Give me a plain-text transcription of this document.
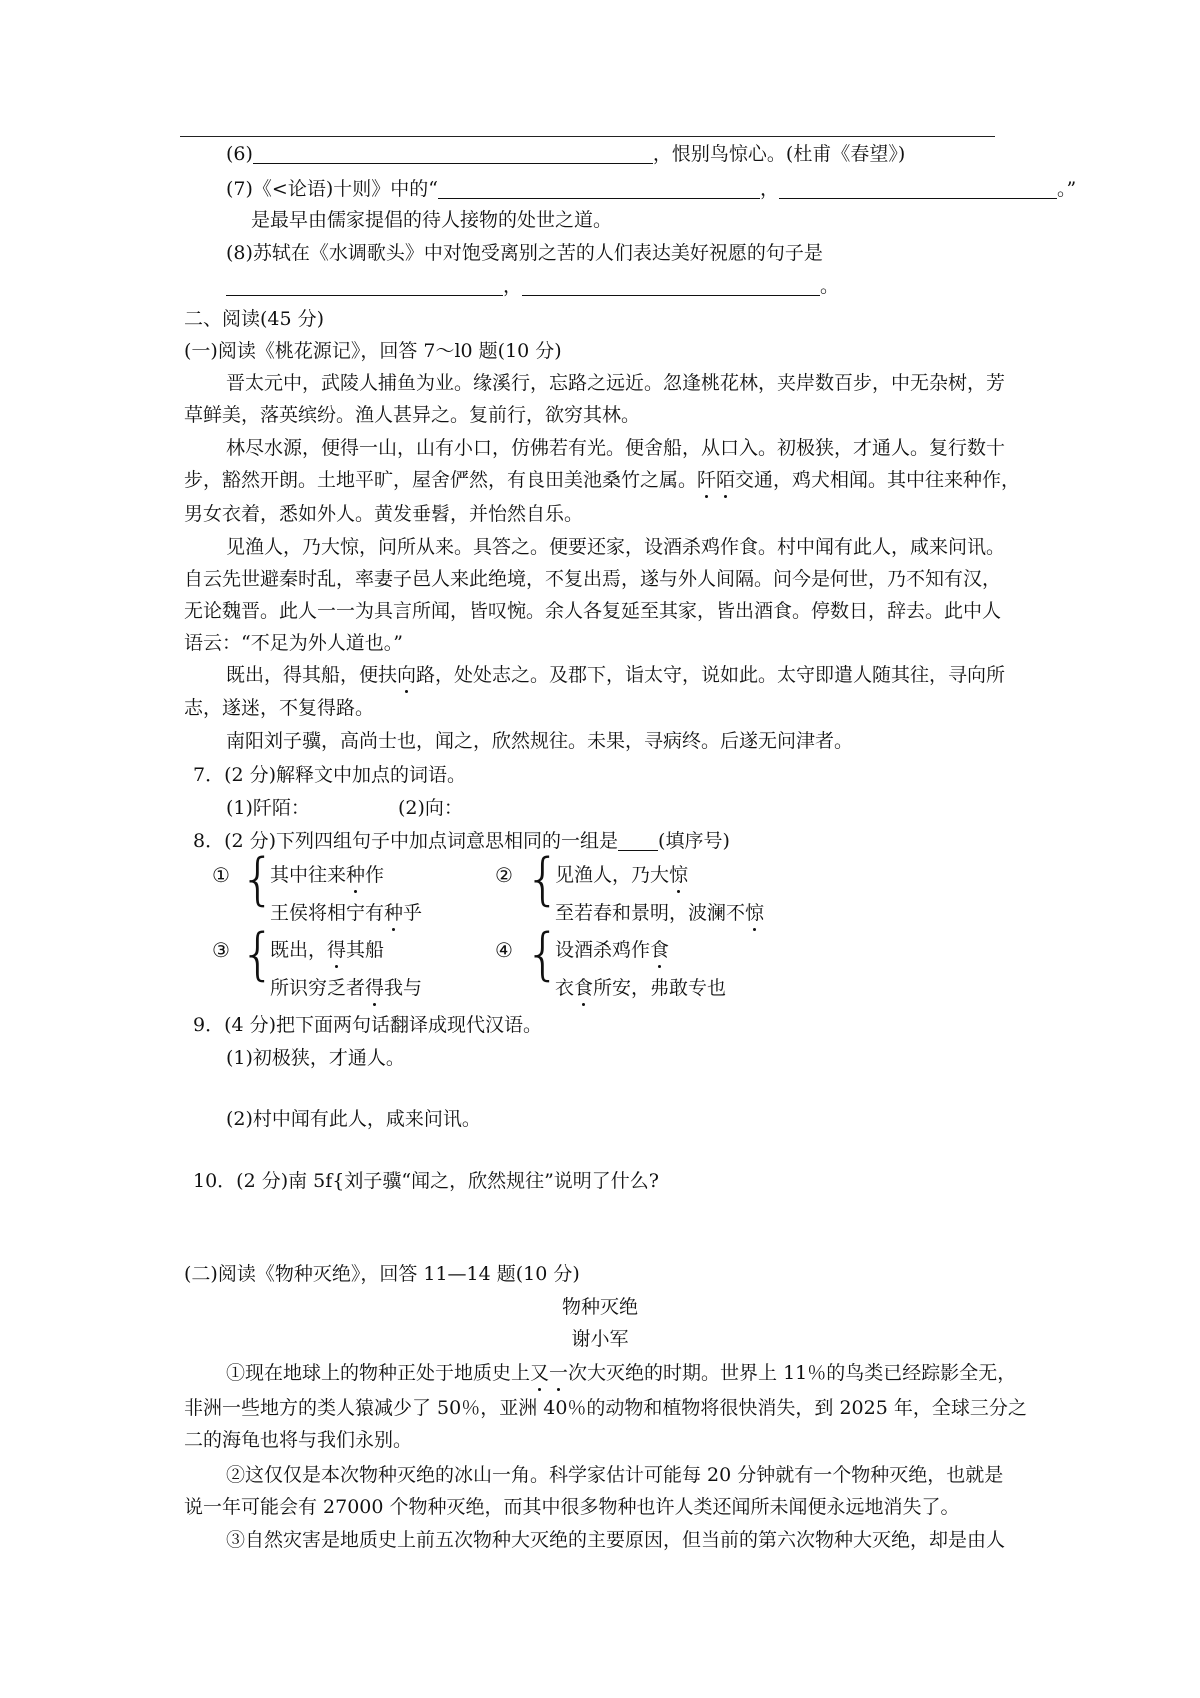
(6)	，恨别鸟惊心。(杜甫《春望》)
(7)《<论语)十则》中的“	，	。”
是最早由儒家提倡的待人接物的处世之道。
(8)苏轼在《水调歌头》中对饱受离别之苦的人们表达美好祝愿的句子是
，	。
二、阅读(45 分)
(一)阅读《桃花源记》，回答 7～l0 题(10 分)
晋太元中，武陵人捕鱼为业。缘溪行，忘路之远近。忽逢桃花林，夹岸数百步，中无杂树，芳
草鲜美，落英缤纷。渔人甚异之。复前行，欲穷其林。
林尽水源，便得一山，山有小口，仿佛若有光。便舍船，从口入。初极狭，才通人。复行数十
步，豁然开朗。土地平旷，屋舍俨然，有良田美池桑竹之属。阡陌交通，鸡犬相闻。其中往来种作，
男女衣着，悉如外人。黄发垂髫，并怡然自乐。
见渔人，乃大惊，问所从来。具答之。便要还家，设酒杀鸡作食。村中闻有此人，咸来问讯。
自云先世避秦时乱，率妻子邑人来此绝境，不复出焉，遂与外人间隔。问今是何世，乃不知有汉，
无论魏晋。此人一一为具言所闻，皆叹惋。余人各复延至其家，皆出酒食。停数日，辞去。此中人
语云：“不足为外人道也。”
既出，得其船，便扶向路，处处志之。及郡下，诣太守，说如此。太守即遣人随其往，寻向所
志，遂迷，不复得路。
南阳刘子骥，高尚士也，闻之，欣然规往。未果，寻病终。后遂无问津者。
7．(2 分)解释文中加点的词语。
(1)阡陌：	(2)向：
8．(2 分)下列四组句子中加点词意思相同的一组是 (填序号)
① {
其中往来种作
王侯将相宁有种乎
② {
见渔人，乃大惊
至若春和景明，波澜不惊
③ {
既出，得其船
所识穷乏者得我与
④ {
设酒杀鸡作食
衣食所安，弗敢专也
9．(4 分)把下面两句话翻译成现代汉语。
(1)初极狭，才通人。
(2)村中闻有此人，咸来问讯。
10．(2 分)南 5f{刘子骥“闻之，欣然规往”说明了什么?
(二)阅读《物种灭绝》，回答 11—14 题(10 分)
物种灭绝
谢小军
①现在地球上的物种正处于地质史上又一次大灭绝的时期。世界上 11％的鸟类已经踪影全无，
非洲一些地方的类人猿减少了 50％，亚洲 40％的动物和植物将很快消失，到 2025 年，全球三分之
二的海龟也将与我们永别。
②这仅仅是本次物种灭绝的冰山一角。科学家估计可能每 20 分钟就有一个物种灭绝，也就是
说一年可能会有 27000 个物种灭绝，而其中很多物种也许人类还闻所未闻便永远地消失了。
③自然灾害是地质史上前五次物种大灭绝的主要原因，但当前的第六次物种大灭绝，却是由人
